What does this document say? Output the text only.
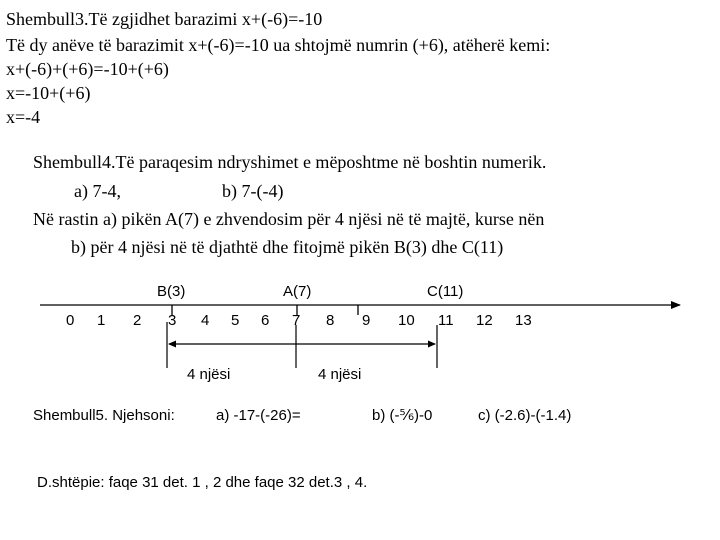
Shembull3.Të zgjidhet barazimi x+(-6)=-10
Të dy anëve të barazimit x+(-6)=-10 ua shtojmë numrin (+6), atëherë kemi:
x+(-6)+(+6)=-10+(+6)
x=-10+(+6)
x=-4
Shembull4.Të paraqesim ndryshimet e mëposhtme në boshtin numerik.
a) 7-4,	b) 7-(-4)
Në rastin a) pikën A(7) e zhvendosim për 4 njësi në të majtë, kurse nën
b) për 4 njësi në të djathtë dhe fitojmë pikën B(3) dhe C(11)
B(3)	A(7)	C(11)
0 1 2 3 4 5 6 7 8 9 10 11 12 13
4 njësi	4 njësi
Shembull5. Njehsoni:	a) -17-(-26)=	b) (-⅚)-0	c) (-2.6)-(-1.4)
D.shtëpie: faqe 31 det. 1 , 2 dhe faqe 32 det.3 , 4.
